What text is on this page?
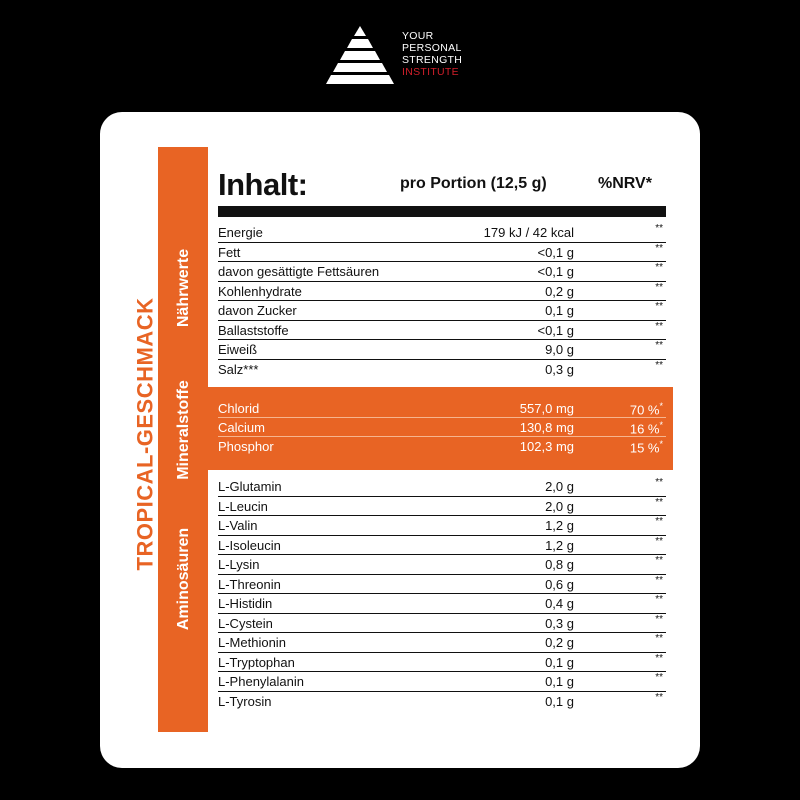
YOUR
PERSONAL
STRENGTH
INSTITUTE
TROPICAL-GESCHMACK
Nährwerte
Mineralstoffe
Aminosäuren
Inhalt:	pro Portion (12,5 g)	%NRV*
Energie	179 kJ / 42 kcal	**
Fett	<0,1 g	**
davon gesättigte Fettsäuren	<0,1 g	**
Kohlenhydrate	0,2 g	**
davon Zucker	0,1 g	**
Ballaststoffe	<0,1 g	**
Eiweiß	9,0 g	**
Salz***	0,3 g	**
Chlorid	557,0 mg	70 %*
Calcium	130,8 mg	16 %*
Phosphor	102,3 mg	15 %*
L-Glutamin	2,0 g	**
L-Leucin	2,0 g	**
L-Valin	1,2 g	**
L-Isoleucin	1,2 g	**
L-Lysin	0,8 g	**
L-Threonin	0,6 g	**
L-Histidin	0,4 g	**
L-Cystein	0,3 g	**
L-Methionin	0,2 g	**
L-Tryptophan	0,1 g	**
L-Phenylalanin	0,1 g	**
L-Tyrosin	0,1 g	**
